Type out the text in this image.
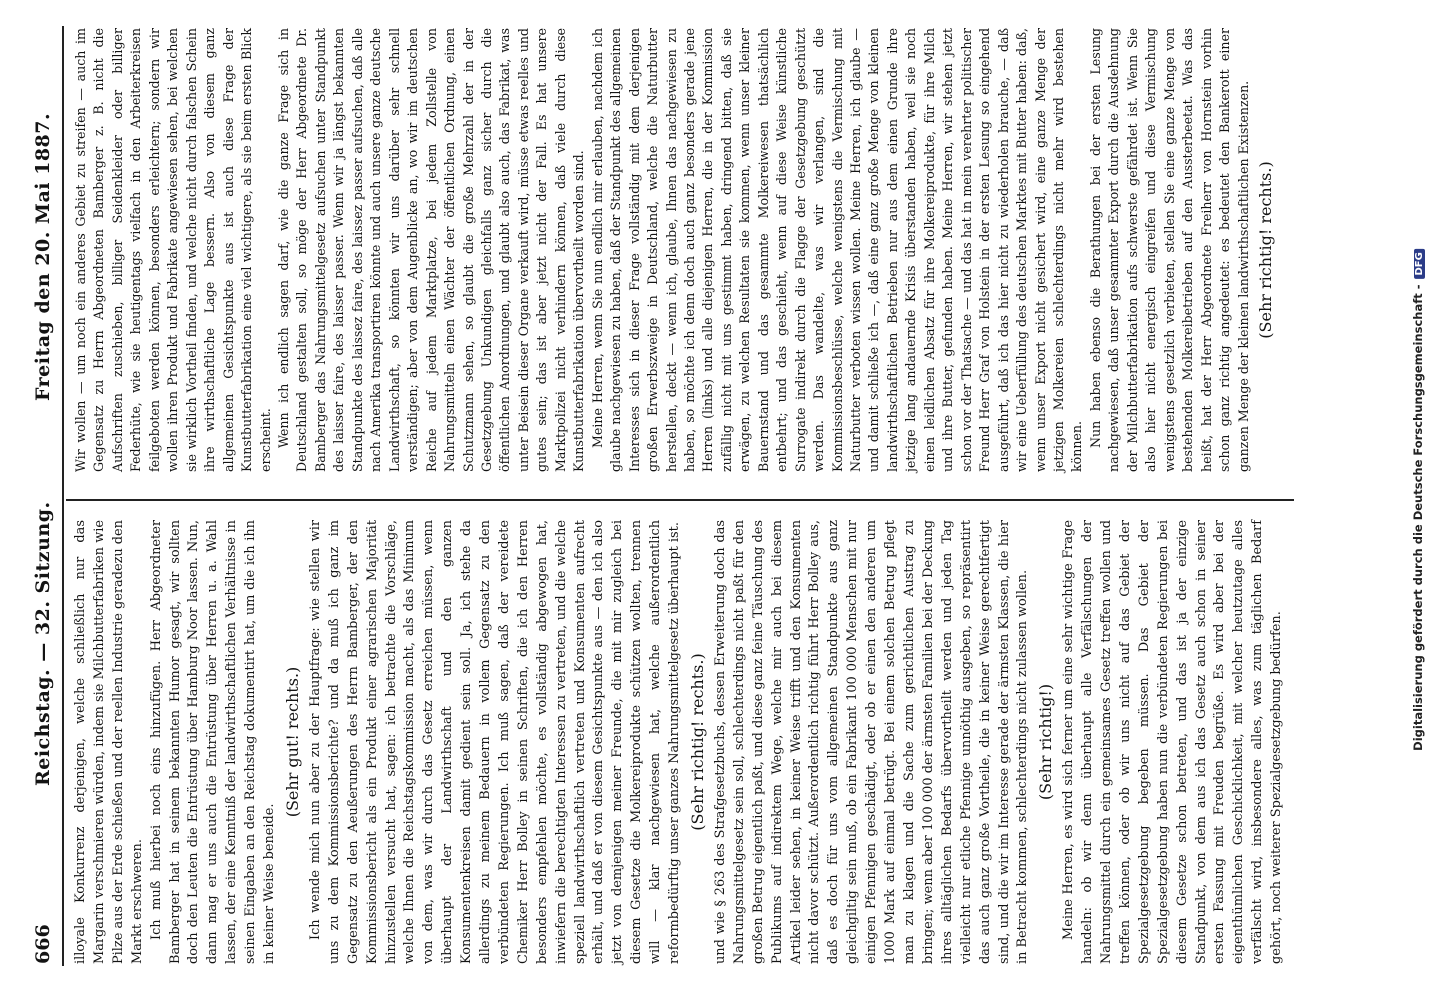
666
Reichstag. — 32. Sitzung.
Freitag den 20. Mai 1887.

illoyale Konkurrenz derjenigen, welche schließlich nur das Margarin verschmieren würden, indem sie Milchbutterfabriken wie Pilze aus der Erde schießen und der reellen Industrie geradezu den Markt erschweren. Ich muß hierbei noch eins hinzufügen. Herr Abgeordneter Bamberger hat in seinem bekannten Humor gesagt, wir sollten doch den Leuten die Entrüstung über Hamburg Noor lassen. Nun, dann mag er uns auch die Entrüstung über Herren u. a. Wahl lassen, der eine Kenntniß der landwirthschaftlichen Verhältnisse in seinen Eingaben an den Reichstag dokumentirt hat, um die ich ihn in keiner Weise beneide.

(Sehr gut! rechts.) Ich wende mich nun aber zu der Hauptfrage: wie stellen wir uns zu dem Kommissionsberichte? und da muß ich ganz im Gegensatz zu den Aeußerungen des Herrn Bamberger, der den Kommissionsbericht als ein Produkt einer agrarischen Majorität hinzustellen versucht hat, sagen: ich betrachte die Vorschläge, welche Ihnen die Reichstagskommission macht, als das Minimum von dem, was wir durch das Gesetz erreichen müssen, wenn überhaupt der Landwirthschaft und den ganzen Konsumentenkreisen damit gedient sein soll. Ja, ich stehe da allerdings zu meinem Bedauern in vollem Gegensatz zu den verbündeten Regierungen. Ich muß sagen, daß der vereidete Chemiker Herr Bolley in seinen Schriften, die ich den Herren besonders empfehlen möchte, es vollständig abgewogen hat, inwiefern die berechtigten Interessen zu vertreten, und die welche speziell landwirthschaftlich vertreten und Konsumenten aufrecht erhält, und daß er von diesem Gesichtspunkte aus — den ich also jetzt von demjenigen meiner Freunde, die mit mir zugleich bei diesem Gesetze die Molkereiprodukte schützen wollten, trennen will — klar nachgewiesen hat, welche außerordentlich reformbedürftig unser ganzes Nahrungsmittelgesetz überhaupt ist. (Sehr richtig! rechts.) und wie § 263 des Strafgesetzbuchs, dessen Erweiterung doch das Nahrungsmittelgesetz sein soll, schlechterdings nicht paßt für den großen Betrug eigentlich paßt, und diese ganz feine Täuschung des Publikums auf indirektem Wege, welche mir auch bei diesem Artikel leider sehen, in keiner Weise trifft und den Konsumenten nicht davor schützt. Außerordentlich richtig führt Herr Bolley aus, daß es doch für uns vom allgemeinen Standpunkte aus ganz gleichgiltig sein muß, ob ein Fabrikant 100 000 Menschen mit nur einigen Pfennigen geschädigt, oder ob er einen den anderen um 1000 Mark auf einmal betrügt. Bei einem solchen Betrug pflegt man zu klagen und die Sache zum gerichtlichen Austrag zu bringen; wenn aber 100 000 der ärmsten Familien bei der Deckung ihres alltäglichen Bedarfs übervortheilt werden und jeden Tag vielleicht nur etliche Pfennige unnöthig ausgeben, so repräsentirt das auch ganz große Vortheile, die in keiner Weise gerechtfertigt sind, und die wir im Interesse gerade der ärmsten Klassen, die hier in Betracht kommen, schlechterdings nicht zulassen wollen. (Sehr richtig!) Meine Herren, es wird sich ferner um eine sehr wichtige Frage handeln: ob wir denn überhaupt alle Verfälschungen der Nahrungsmittel durch ein gemeinsames Gesetz treffen wollen und treffen können, oder ob wir uns nicht auf das Gebiet der Spezialgesetzgebung begeben müssen. Das Gebiet der Spezialgesetzgebung haben nun die verbündeten Regierungen bei diesem Gesetze schon betreten, und das ist ja der einzige Standpunkt, von dem aus ich das Gesetz auch schon in seiner ersten Fassung mit Freuden begrüße. Es wird aber bei der eigenthümlichen Geschicklichkeit, mit welcher heutzutage alles verfälscht wird, insbesondere alles, was zum täglichen Bedarf gehört, noch weiterer Spezialgesetzgebung bedürfen.

Wir wollen — um noch ein anderes Gebiet zu streifen — auch im Gegensatz zu Herrn Abgeordneten Bamberger z. B. nicht die Aufschriften zuschieben, billiger Seidenkleider oder billiger Federhüte, wie sie heutigentags vielfach in den Arbeiterkreisen feilgeboten werden können, besonders erleichtern; sondern wir wollen ihren Produkt und Fabrikate angewiesen sehen, bei welchen sie wirklich Vortheil finden, und welche nicht durch falschen Schein ihre wirthschaftliche Lage bessern. Also von diesem ganz allgemeinen Gesichtspunkte aus ist auch diese Frage der Kunstbutterfabrikation eine viel wichtigere, als sie beim ersten Blick erscheint. Wenn ich endlich sagen darf, wie die ganze Frage sich in Deutschland gestalten soll, so möge der Herr Abgeordnete Dr. Bamberger das Nahrungsmittelgesetz aufsuchen unter Standpunkt des laisser faire, des laisser passer. Wenn wir ja längst bekannten Standpunkte des laissez faire, des laissez passer aufsuchen, daß alle nach Amerika transportiren könnte und auch unsere ganze deutsche Landwirthschaft, so könnten wir uns darüber sehr schnell verständigen; aber von dem Augenblicke an, wo wir im deutschen Reiche auf jedem Marktplatze, bei jedem Zollstelle von Nahrungsmitteln einen Wächter der öffentlichen Ordnung, einen Schutzmann sehen, so glaubt die große Mehrzahl der in der Gesetzgebung Unkundigen gleichfalls ganz sicher durch die öffentlichen Anordnungen, und glaubt also auch, das Fabrikat, was unter Beisein dieser Organe verkauft wird, müsse etwas reelles und gutes sein; das ist aber jetzt nicht der Fall. Es hat unsere Marktpolizei nicht verhindern können, daß viele durch diese Kunstbutterfabrikation übervortheilt worden sind. Meine Herren, wenn Sie nun endlich mir erlauben, nachdem ich glaube nachgewiesen zu haben, daß der Standpunkt des allgemeinen Interesses sich in dieser Frage vollständig mit dem derjenigen großen Erwerbszweige in Deutschland, welche die Naturbutter herstellen, deckt — wenn ich, glaube, Ihnen das nachgewiesen zu haben, so möchte ich denn doch auch ganz besonders gerade jene Herren (links) und alle diejenigen Herren, die in der Kommission zufällig nicht mit uns gestimmt haben, dringend bitten, daß sie erwägen, zu welchen Resultaten sie kommen, wenn unser kleiner Bauernstand und das gesammte Molkereiwesen thatsächlich entbehrt; und das geschieht, wenn auf diese Weise künstliche Surrogate indirekt durch die Flagge der Gesetzgebung geschützt werden. Das wandelte, was wir verlangen, sind die Kommissionsbeschlüsse, welche wenigstens die Vermischung mit Naturbutter verboten wissen wollen. Meine Herren, ich glaube — und damit schließe ich —, daß eine ganz große Menge von kleinen landwirthschaftlichen Betrieben nur aus dem einen Grunde ihre jetzige lang andauernde Krisis überstanden haben, weil sie noch einen leidlichen Absatz für ihre Molkereiprodukte, für ihre Milch und ihre Butter, gefunden haben. Meine Herren, wir stehen jetzt schon vor der Thatsache — und das hat in mein verehrter politischer Freund Herr Graf von Holstein in der ersten Lesung so eingehend ausgeführt, daß ich das hier nicht zu wiederholen brauche, — daß wir eine Ueberfüllung des deutschen Marktes mit Butter haben: daß, wenn unser Export nicht gesichert wird, eine ganze Menge der jetzigen Molkereien schlechterdings nicht mehr wird bestehen können. Nun haben ebenso die Berathungen bei der ersten Lesung nachgewiesen, daß unser gesammter Export durch die Ausdehnung der Milchbutterfabrikation aufs schwerste gefährdet ist. Wenn Sie also hier nicht energisch eingreifen und diese Vermischung wenigstens gesetzlich verbieten, stellen Sie eine ganze Menge von bestehenden Molkereibetrieben auf den Aussterbeetat. Was das heißt, hat der Herr Abgeordnete Freiherr von Hornstein vorhin schon ganz richtig angedeutet: es bedeutet den Bankerott einer ganzen Menge der kleinen landwirthschaftlichen Existenzen. (Sehr richtig! rechts.)

Digitalisierung gefördert durch die Deutsche Forschungsgemeinschaft -DFG
